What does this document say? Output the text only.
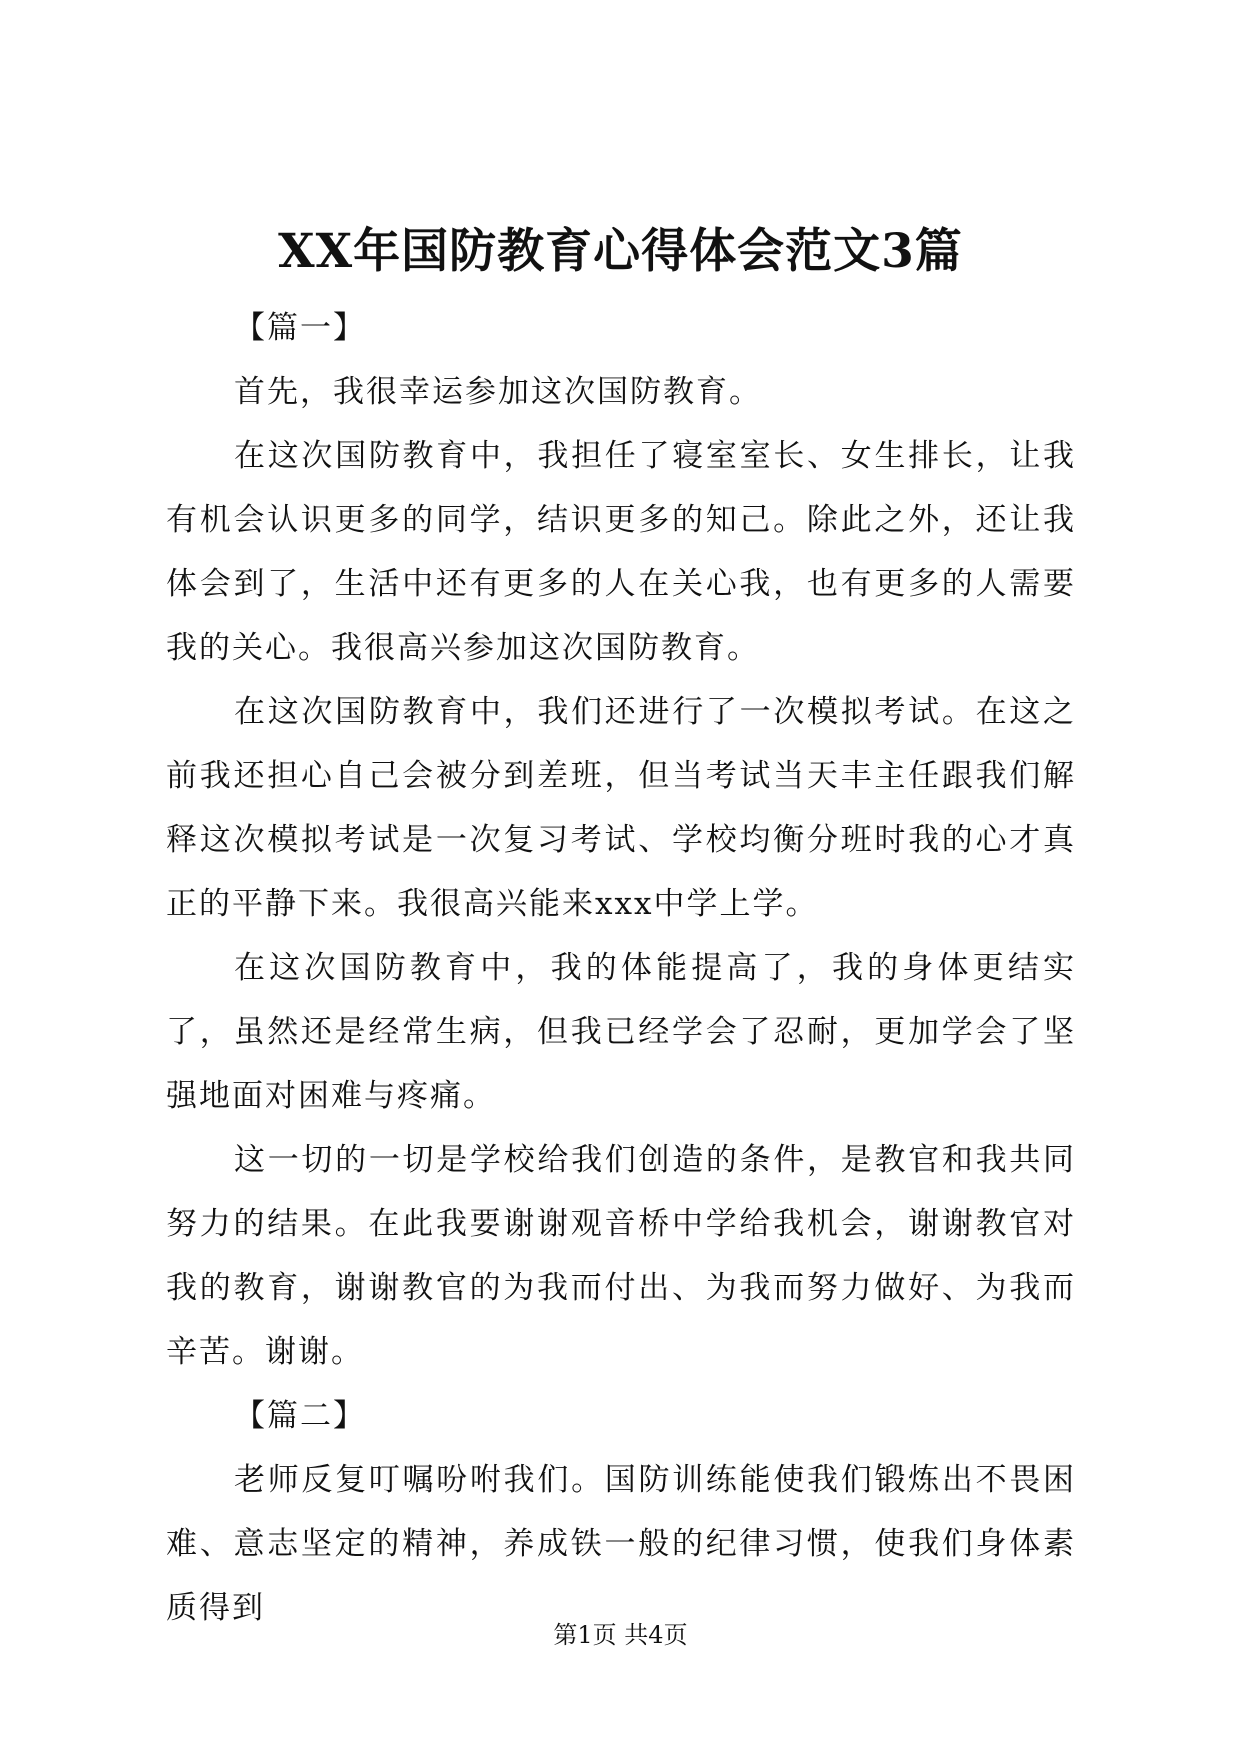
XX年国防教育心得体会范文3篇

【篇一】

首先，我很幸运参加这次国防教育。

在这次国防教育中，我担任了寝室室长、女生排长，让我有机会认识更多的同学，结识更多的知己。除此之外，还让我体会到了，生活中还有更多的人在关心我，也有更多的人需要我的关心。我很高兴参加这次国防教育。

在这次国防教育中，我们还进行了一次模拟考试。在这之前我还担心自己会被分到差班，但当考试当天丰主任跟我们解释这次模拟考试是一次复习考试、学校均衡分班时我的心才真正的平静下来。我很高兴能来xxx中学上学。

在这次国防教育中，我的体能提高了，我的身体更结实了，虽然还是经常生病，但我已经学会了忍耐，更加学会了坚强地面对困难与疼痛。

这一切的一切是学校给我们创造的条件，是教官和我共同努力的结果。在此我要谢谢观音桥中学给我机会，谢谢教官对我的教育，谢谢教官的为我而付出、为我而努力做好、为我而辛苦。谢谢。

【篇二】

老师反复叮嘱吩咐我们。国防训练能使我们锻炼出不畏困难、意志坚定的精神，养成铁一般的纪律习惯，使我们身体素质得到

第1页 共4页
